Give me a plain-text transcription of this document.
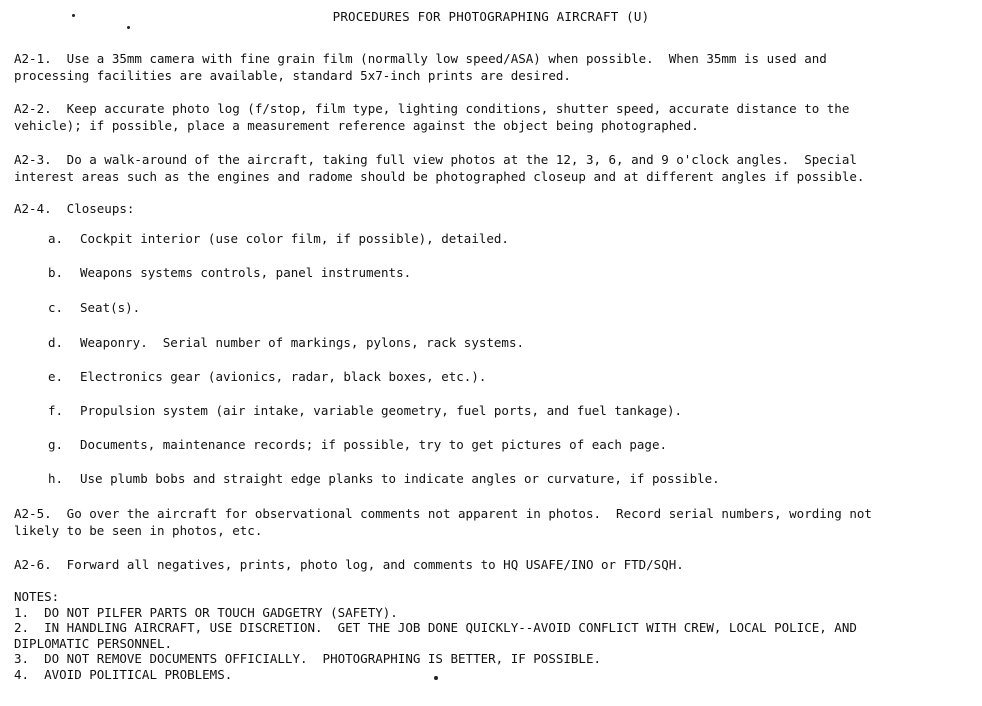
PROCEDURES FOR PHOTOGRAPHING AIRCRAFT (U)
A2-1.  Use a 35mm camera with fine grain film (normally low speed/ASA) when possible.  When 35mm is used and
processing facilities are available, standard 5x7-inch prints are desired.
A2-2.  Keep accurate photo log (f/stop, film type, lighting conditions, shutter speed, accurate distance to the
vehicle); if possible, place a measurement reference against the object being photographed.
A2-3.  Do a walk-around of the aircraft, taking full view photos at the 12, 3, 6, and 9 o'clock angles.  Special
interest areas such as the engines and radome should be photographed closeup and at different angles if possible.
A2-4.  Closeups:
a. Cockpit interior (use color film, if possible), detailed.
b. Weapons systems controls, panel instruments.
c. Seat(s).
d. Weaponry.  Serial number of markings, pylons, rack systems.
e. Electronics gear (avionics, radar, black boxes, etc.).
f. Propulsion system (air intake, variable geometry, fuel ports, and fuel tankage).
g. Documents, maintenance records; if possible, try to get pictures of each page.
h. Use plumb bobs and straight edge planks to indicate angles or curvature, if possible.
A2-5.  Go over the aircraft for observational comments not apparent in photos.  Record serial numbers, wording not
likely to be seen in photos, etc.
A2-6.  Forward all negatives, prints, photo log, and comments to HQ USAFE/INO or FTD/SQH.
NOTES:
1.  DO NOT PILFER PARTS OR TOUCH GADGETRY (SAFETY).
2.  IN HANDLING AIRCRAFT, USE DISCRETION.  GET THE JOB DONE QUICKLY--AVOID CONFLICT WITH CREW, LOCAL POLICE, AND
DIPLOMATIC PERSONNEL.
3.  DO NOT REMOVE DOCUMENTS OFFICIALLY.  PHOTOGRAPHING IS BETTER, IF POSSIBLE.
4.  AVOID POLITICAL PROBLEMS.
